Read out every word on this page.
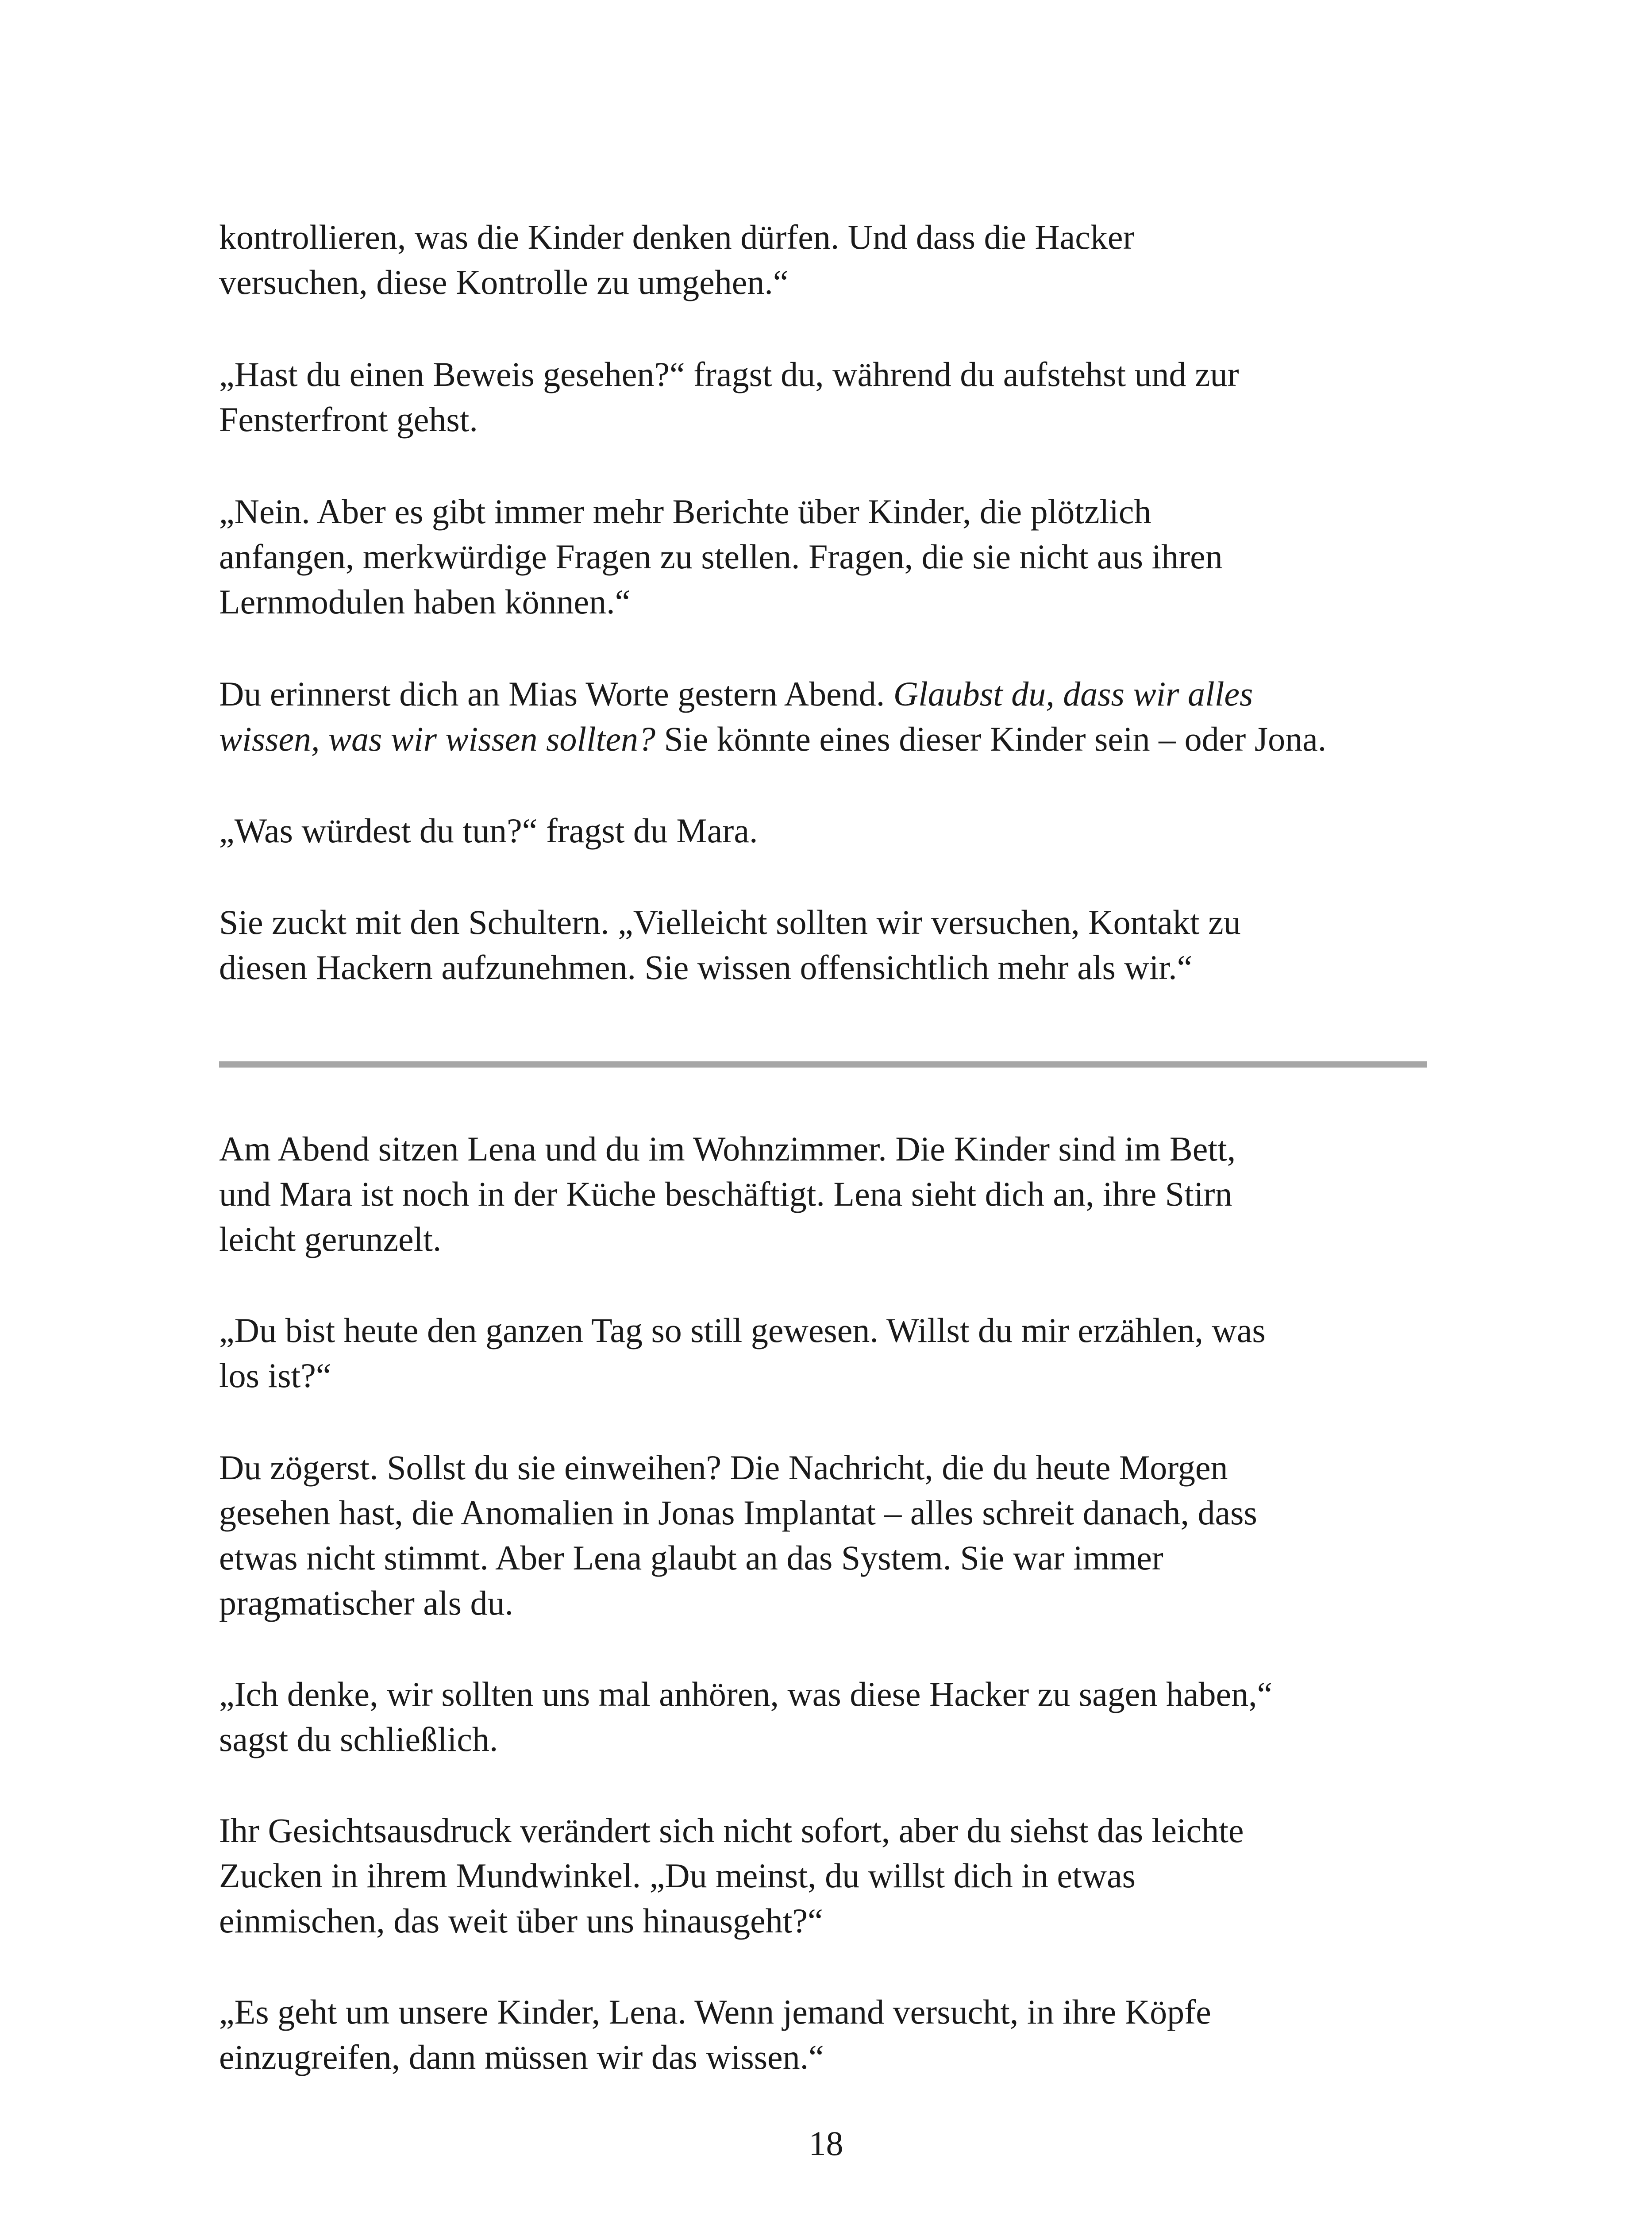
kontrollieren, was die Kinder denken dürfen. Und dass die Hacker
versuchen, diese Kontrolle zu umgehen.“

„Hast du einen Beweis gesehen?“ fragst du, während du aufstehst und zur
Fensterfront gehst.

„Nein. Aber es gibt immer mehr Berichte über Kinder, die plötzlich
anfangen, merkwürdige Fragen zu stellen. Fragen, die sie nicht aus ihren
Lernmodulen haben können.“

Du erinnerst dich an Mias Worte gestern Abend. Glaubst du, dass wir alles
wissen, was wir wissen sollten? Sie könnte eines dieser Kinder sein – oder Jona.

„Was würdest du tun?“ fragst du Mara.

Sie zuckt mit den Schultern. „Vielleicht sollten wir versuchen, Kontakt zu
diesen Hackern aufzunehmen. Sie wissen offensichtlich mehr als wir.“

Am Abend sitzen Lena und du im Wohnzimmer. Die Kinder sind im Bett,
und Mara ist noch in der Küche beschäftigt. Lena sieht dich an, ihre Stirn
leicht gerunzelt.

„Du bist heute den ganzen Tag so still gewesen. Willst du mir erzählen, was
los ist?“

Du zögerst. Sollst du sie einweihen? Die Nachricht, die du heute Morgen
gesehen hast, die Anomalien in Jonas Implantat – alles schreit danach, dass
etwas nicht stimmt. Aber Lena glaubt an das System. Sie war immer
pragmatischer als du.

„Ich denke, wir sollten uns mal anhören, was diese Hacker zu sagen haben,“
sagst du schließlich.

Ihr Gesichtsausdruck verändert sich nicht sofort, aber du siehst das leichte
Zucken in ihrem Mundwinkel. „Du meinst, du willst dich in etwas
einmischen, das weit über uns hinausgeht?“

„Es geht um unsere Kinder, Lena. Wenn jemand versucht, in ihre Köpfe
einzugreifen, dann müssen wir das wissen.“

18
